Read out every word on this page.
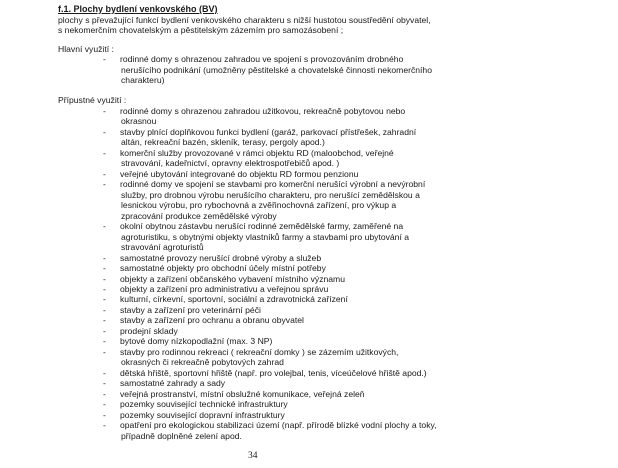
f.1. Plochy bydlení venkovského (BV)
plochy s převažující funkcí bydlení venkovského charakteru s nižší hustotou soustředění obyvatel,
s nekomerčním chovatelským a pěstitelským zázemím pro samozásobení ;
Hlavní využití :
- rodinné domy s ohrazenou zahradou ve spojení s provozováním drobného
nerušícího podnikání (umožněny pěstitelské a chovatelské činnosti nekomerčního
charakteru)
Přípustné využití :
- rodinné domy s ohrazenou zahradou užitkovou, rekreačně pobytovou nebo
okrasnou
- stavby plnící doplňkovou funkci bydlení (garáž, parkovací přístřešek, zahradní
altán, rekreační bazén, skleník, terasy, pergoly apod.)
- komerční služby provozované v rámci objektu RD (maloobchod, veřejné
stravování, kadeřnictví, opravny elektrospotřebičů apod. )
- veřejné ubytování integrované do objektu RD formou penzionu
- rodinné domy ve spojení se stavbami pro komerční nerušící výrobní a nevýrobní
služby, pro drobnou výrobu nerušícího charakteru, pro nerušící zemědělskou a
lesnickou výrobu, pro rybochovná a zvěřinochovná zařízení, pro výkup a
zpracování produkce zemědělské výroby
- okolní obytnou zástavbu nerušící rodinné zemědělské farmy, zaměřené na
agroturistiku, s obytnými objekty vlastníků farmy a stavbami pro ubytování a
stravování agroturistů
- samostatné provozy nerušící drobné výroby a služeb
- samostatné objekty pro obchodní účely místní potřeby
- objekty a zařízení občanského vybavení místního významu
- objekty a zařízení pro administrativu a veřejnou správu
- kulturní, církevní, sportovní, sociální a zdravotnická zařízení
- stavby a zařízení pro veterinární péči
- stavby a zařízení pro ochranu a obranu obyvatel
- prodejní sklady
- bytové domy nízkopodlažní (max. 3 NP)
- stavby pro rodinnou rekreaci ( rekreační domky ) se zázemím užitkových,
okrasných či rekreačně pobytových zahrad
- dětská hřiště, sportovní hřiště (např. pro volejbal, tenis, víceúčelové hřiště apod.)
- samostatné zahrady a sady
- veřejná prostranství, místní obslužné komunikace, veřejná zeleň
- pozemky související technické infrastruktury
- pozemky související dopravní infrastruktury
- opatření pro ekologickou stabilizaci území (např. přírodě blízké vodní plochy a toky,
případně doplněné zelení apod.
34
